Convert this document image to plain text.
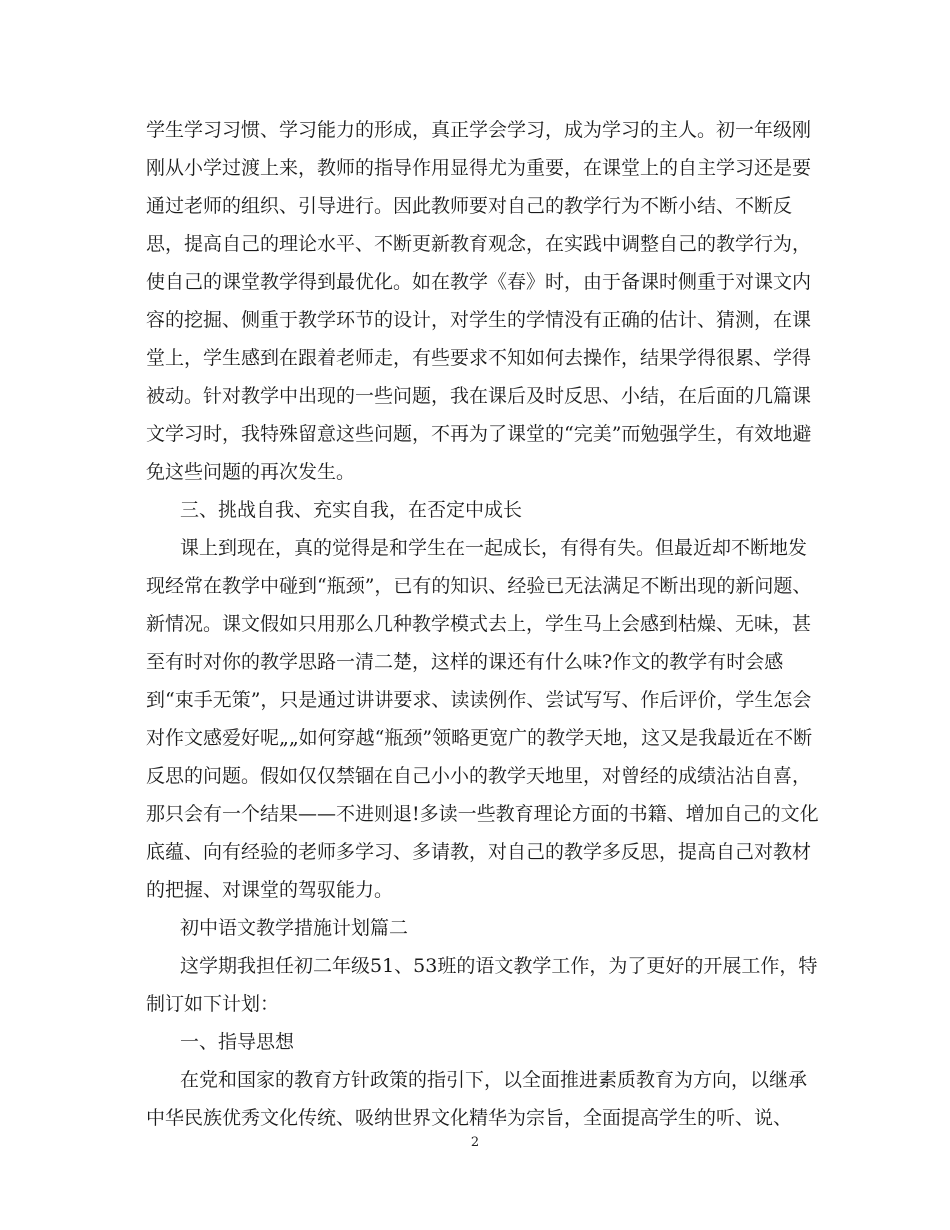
学生学习习惯、学习能力的形成，真正学会学习，成为学习的主人。初一年级刚
刚从小学过渡上来，教师的指导作用显得尤为重要，在课堂上的自主学习还是要
通过老师的组织、引导进行。因此教师要对自己的教学行为不断小结、不断反
思，提高自己的理论水平、不断更新教育观念，在实践中调整自己的教学行为，
使自己的课堂教学得到最优化。如在教学《春》时，由于备课时侧重于对课文内
容的挖掘、侧重于教学环节的设计，对学生的学情没有正确的估计、猜测，在课
堂上，学生感到在跟着老师走，有些要求不知如何去操作，结果学得很累、学得
被动。针对教学中出现的一些问题，我在课后及时反思、小结，在后面的几篇课
文学习时，我特殊留意这些问题，不再为了课堂的“完美”而勉强学生，有效地避
免这些问题的再次发生。
三、挑战自我、充实自我，在否定中成长
课上到现在，真的觉得是和学生在一起成长，有得有失。但最近却不断地发
现经常在教学中碰到“瓶颈”，已有的知识、经验已无法满足不断出现的新问题、
新情况。课文假如只用那么几种教学模式去上，学生马上会感到枯燥、无味，甚
至有时对你的教学思路一清二楚，这样的课还有什么味?作文的教学有时会感
到“束手无策”，只是通过讲讲要求、读读例作、尝试写写、作后评价，学生怎会
对作文感爱好呢„„如何穿越“瓶颈”领略更宽广的教学天地，这又是我最近在不断
反思的问题。假如仅仅禁锢在自己小小的教学天地里，对曾经的成绩沾沾自喜，
那只会有一个结果——不进则退!多读一些教育理论方面的书籍、增加自己的文化
底蕴、向有经验的老师多学习、多请教，对自己的教学多反思，提高自己对教材
的把握、对课堂的驾驭能力。
初中语文教学措施计划篇二
这学期我担任初二年级51、53班的语文教学工作，为了更好的开展工作，特
制订如下计划：
一、指导思想
在党和国家的教育方针政策的指引下，以全面推进素质教育为方向，以继承
中华民族优秀文化传统、吸纳世界文化精华为宗旨，全面提高学生的听、说、
2
